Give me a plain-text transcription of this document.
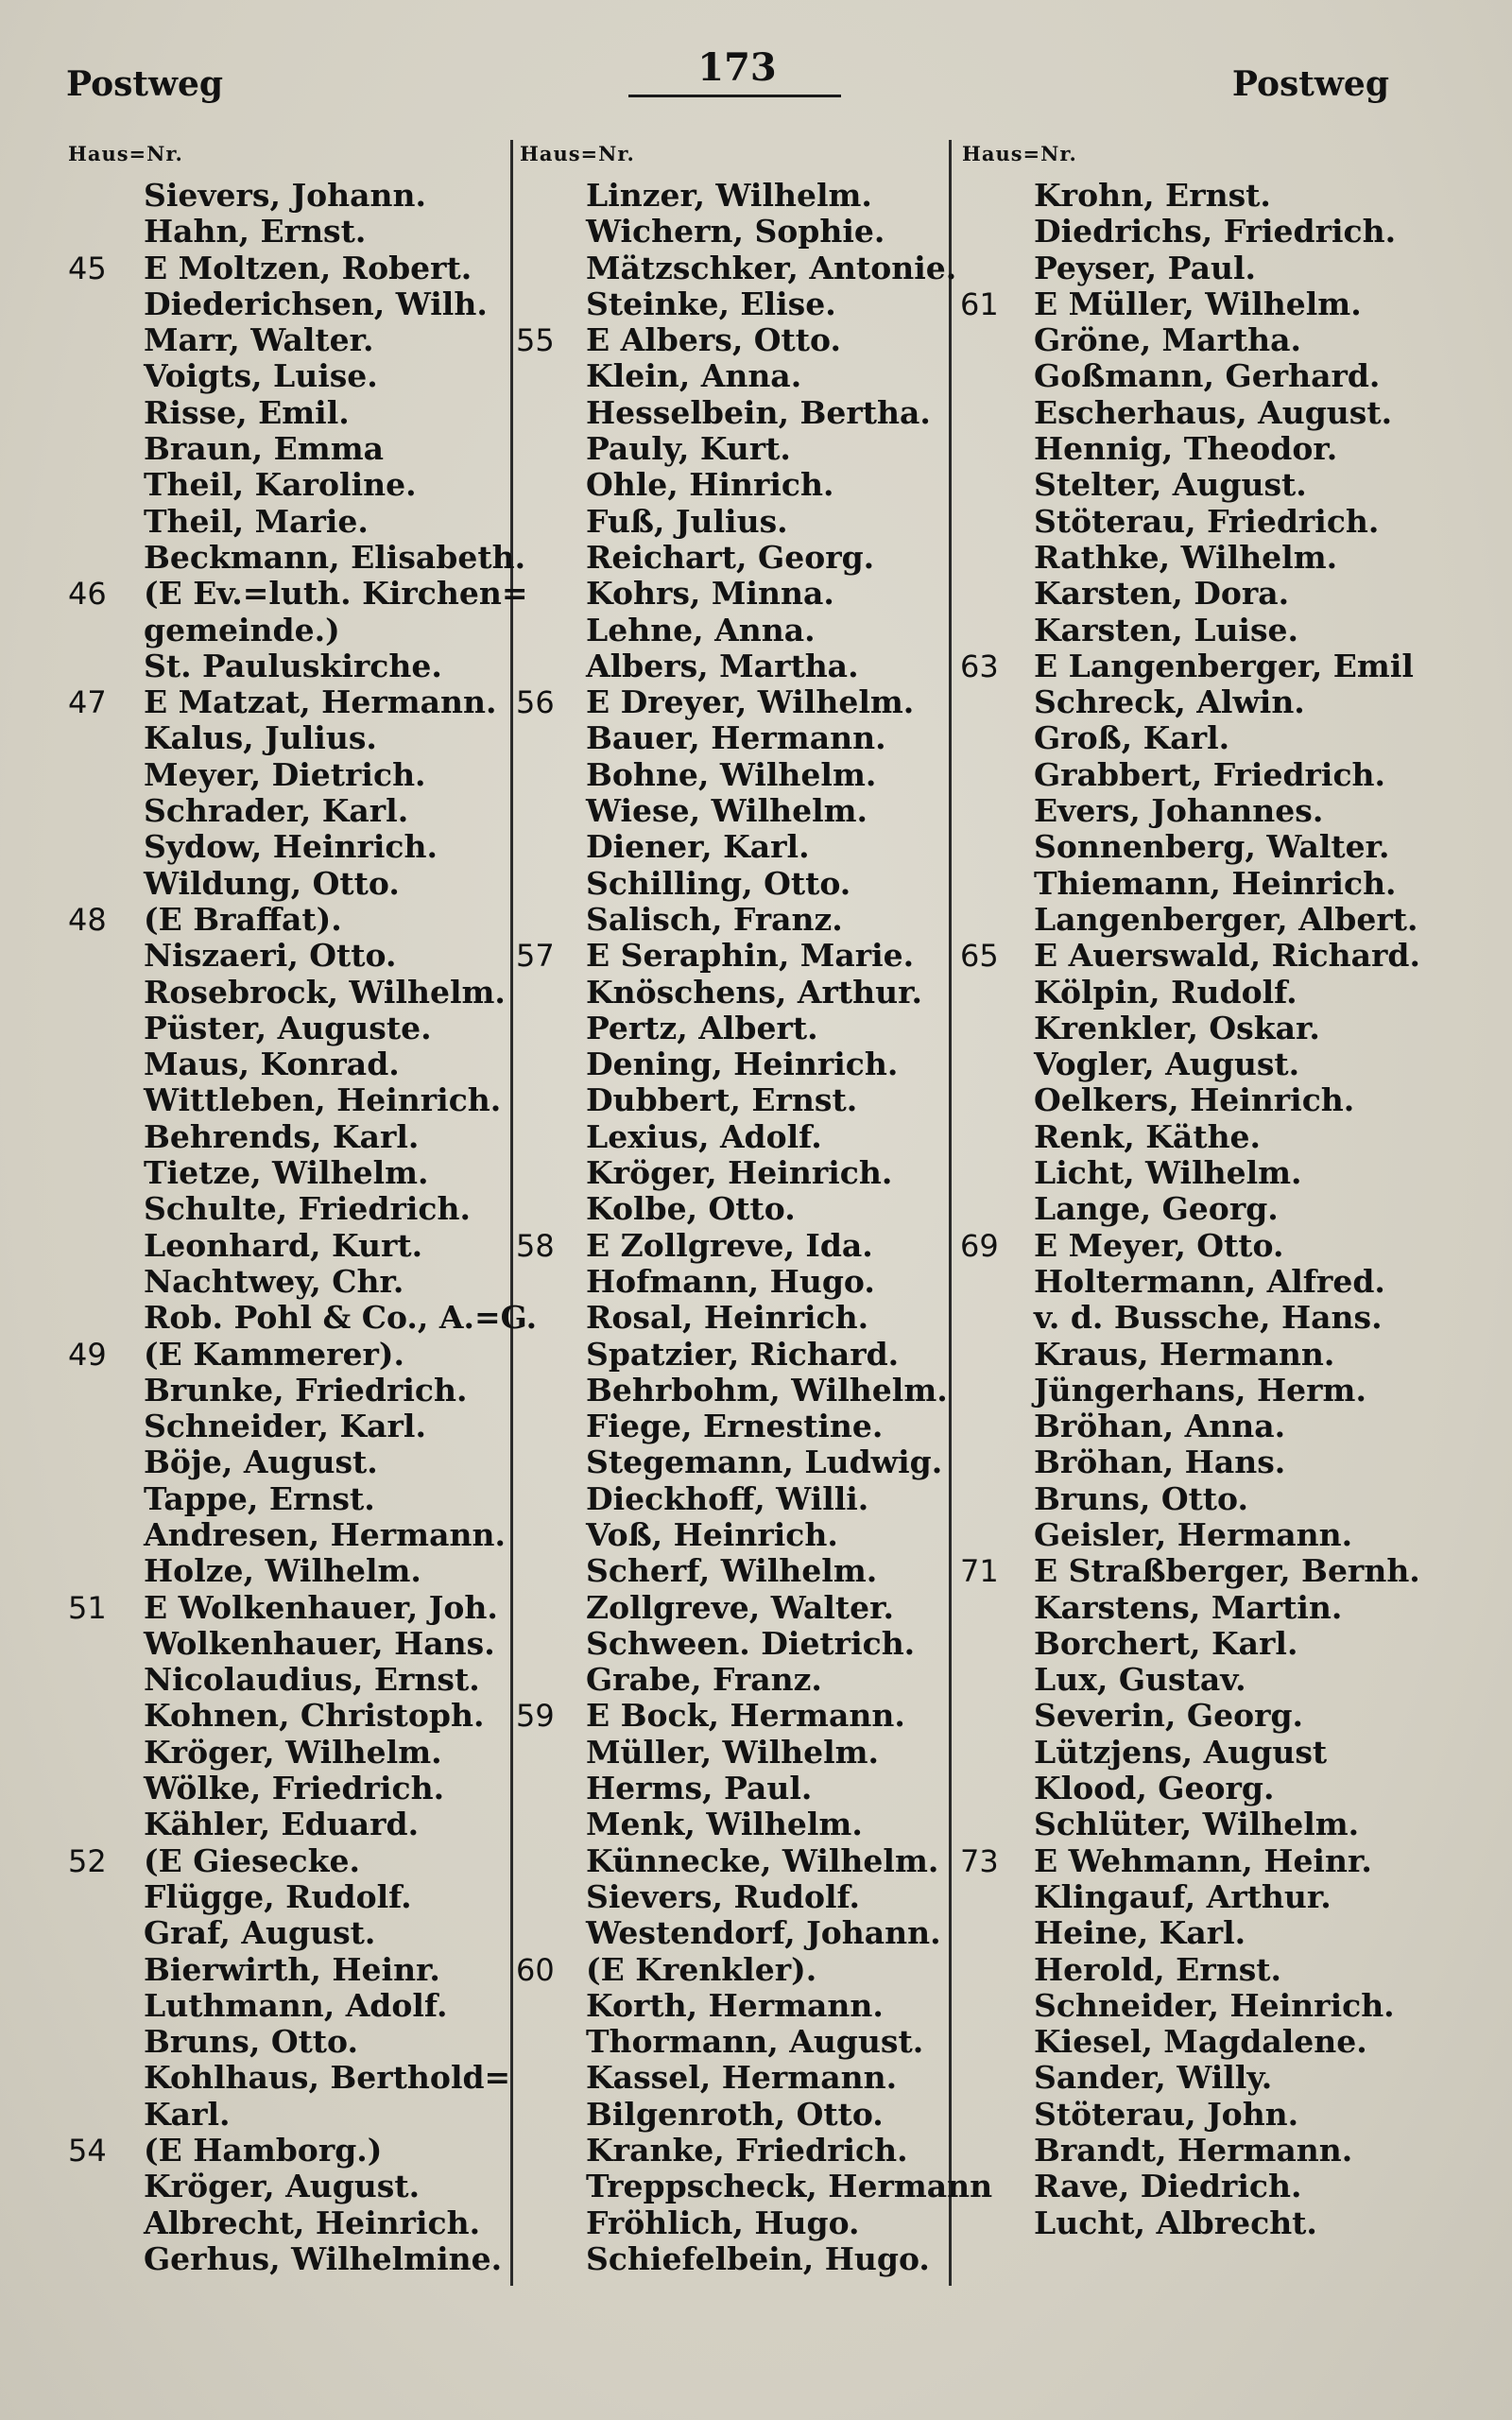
Postweg	173	Postweg
Haus=Nr.	Haus=Nr.	Haus=Nr.
Sievers, Johann.
Hahn, Ernst.
45 E Moltzen, Robert.
Diederichsen, Wilh.
Marr, Walter.
Voigts, Luise.
Risse, Emil.
Braun, Emma
Theil, Karoline.
Theil, Marie.
Beckmann, Elisabeth.
46 (E Ev.=luth. Kirchen=
gemeinde.)
St. Pauluskirche.
47 E Matzat, Hermann.
Kalus, Julius.
Meyer, Dietrich.
Schrader, Karl.
Sydow, Heinrich.
Wildung, Otto.
48 (E Braffat).
Niszaeri, Otto.
Rosebrock, Wilhelm.
Püster, Auguste.
Maus, Konrad.
Wittleben, Heinrich.
Behrends, Karl.
Tietze, Wilhelm.
Schulte, Friedrich.
Leonhard, Kurt.
Nachtwey, Chr.
Rob. Pohl & Co., A.=G.
49 (E Kammerer).
Brunke, Friedrich.
Schneider, Karl.
Böje, August.
Tappe, Ernst.
Andresen, Hermann.
Holze, Wilhelm.
51 E Wolkenhauer, Joh.
Wolkenhauer, Hans.
Nicolaudius, Ernst.
Kohnen, Christoph.
Kröger, Wilhelm.
Wölke, Friedrich.
Kähler, Eduard.
52 (E Giesecke.
Flügge, Rudolf.
Graf, August.
Bierwirth, Heinr.
Luthmann, Adolf.
Bruns, Otto.
Kohlhaus, Berthold=
Karl.
54 (E Hamborg.)
Kröger, August.
Albrecht, Heinrich.
Gerhus, Wilhelmine.
Linzer, Wilhelm.
Wichern, Sophie.
Mätzschker, Antonie.
Steinke, Elise.
55 E Albers, Otto.
Klein, Anna.
Hesselbein, Bertha.
Pauly, Kurt.
Ohle, Hinrich.
Fuß, Julius.
Reichart, Georg.
Kohrs, Minna.
Lehne, Anna.
Albers, Martha.
56 E Dreyer, Wilhelm.
Bauer, Hermann.
Bohne, Wilhelm.
Wiese, Wilhelm.
Diener, Karl.
Schilling, Otto.
Salisch, Franz.
57 E Seraphin, Marie.
Knöschens, Arthur.
Pertz, Albert.
Dening, Heinrich.
Dubbert, Ernst.
Lexius, Adolf.
Kröger, Heinrich.
Kolbe, Otto.
58 E Zollgreve, Ida.
Hofmann, Hugo.
Rosal, Heinrich.
Spatzier, Richard.
Behrbohm, Wilhelm.
Fiege, Ernestine.
Stegemann, Ludwig.
Dieckhoff, Willi.
Voß, Heinrich.
Scherf, Wilhelm.
Zollgreve, Walter.
Schween. Dietrich.
Grabe, Franz.
59 E Bock, Hermann.
Müller, Wilhelm.
Herms, Paul.
Menk, Wilhelm.
Künnecke, Wilhelm.
Sievers, Rudolf.
Westendorf, Johann.
60 (E Krenkler).
Korth, Hermann.
Thormann, August.
Kassel, Hermann.
Bilgenroth, Otto.
Kranke, Friedrich.
Treppscheck, Hermann
Fröhlich, Hugo.
Schiefelbein, Hugo.
Krohn, Ernst.
Diedrichs, Friedrich.
Peyser, Paul.
61 E Müller, Wilhelm.
Gröne, Martha.
Goßmann, Gerhard.
Escherhaus, August.
Hennig, Theodor.
Stelter, August.
Stöterau, Friedrich.
Rathke, Wilhelm.
Karsten, Dora.
Karsten, Luise.
63 E Langenberger, Emil
Schreck, Alwin.
Groß, Karl.
Grabbert, Friedrich.
Evers, Johannes.
Sonnenberg, Walter.
Thiemann, Heinrich.
Langenberger, Albert.
65 E Auerswald, Richard.
Kölpin, Rudolf.
Krenkler, Oskar.
Vogler, August.
Oelkers, Heinrich.
Renk, Käthe.
Licht, Wilhelm.
Lange, Georg.
69 E Meyer, Otto.
Holtermann, Alfred.
v. d. Bussche, Hans.
Kraus, Hermann.
Jüngerhans, Herm.
Bröhan, Anna.
Bröhan, Hans.
Bruns, Otto.
Geisler, Hermann.
71 E Straßberger, Bernh.
Karstens, Martin.
Borchert, Karl.
Lux, Gustav.
Severin, Georg.
Lützjens, August
Klood, Georg.
Schlüter, Wilhelm.
73 E Wehmann, Heinr.
Klingauf, Arthur.
Heine, Karl.
Herold, Ernst.
Schneider, Heinrich.
Kiesel, Magdalene.
Sander, Willy.
Stöterau, John.
Brandt, Hermann.
Rave, Diedrich.
Lucht, Albrecht.
